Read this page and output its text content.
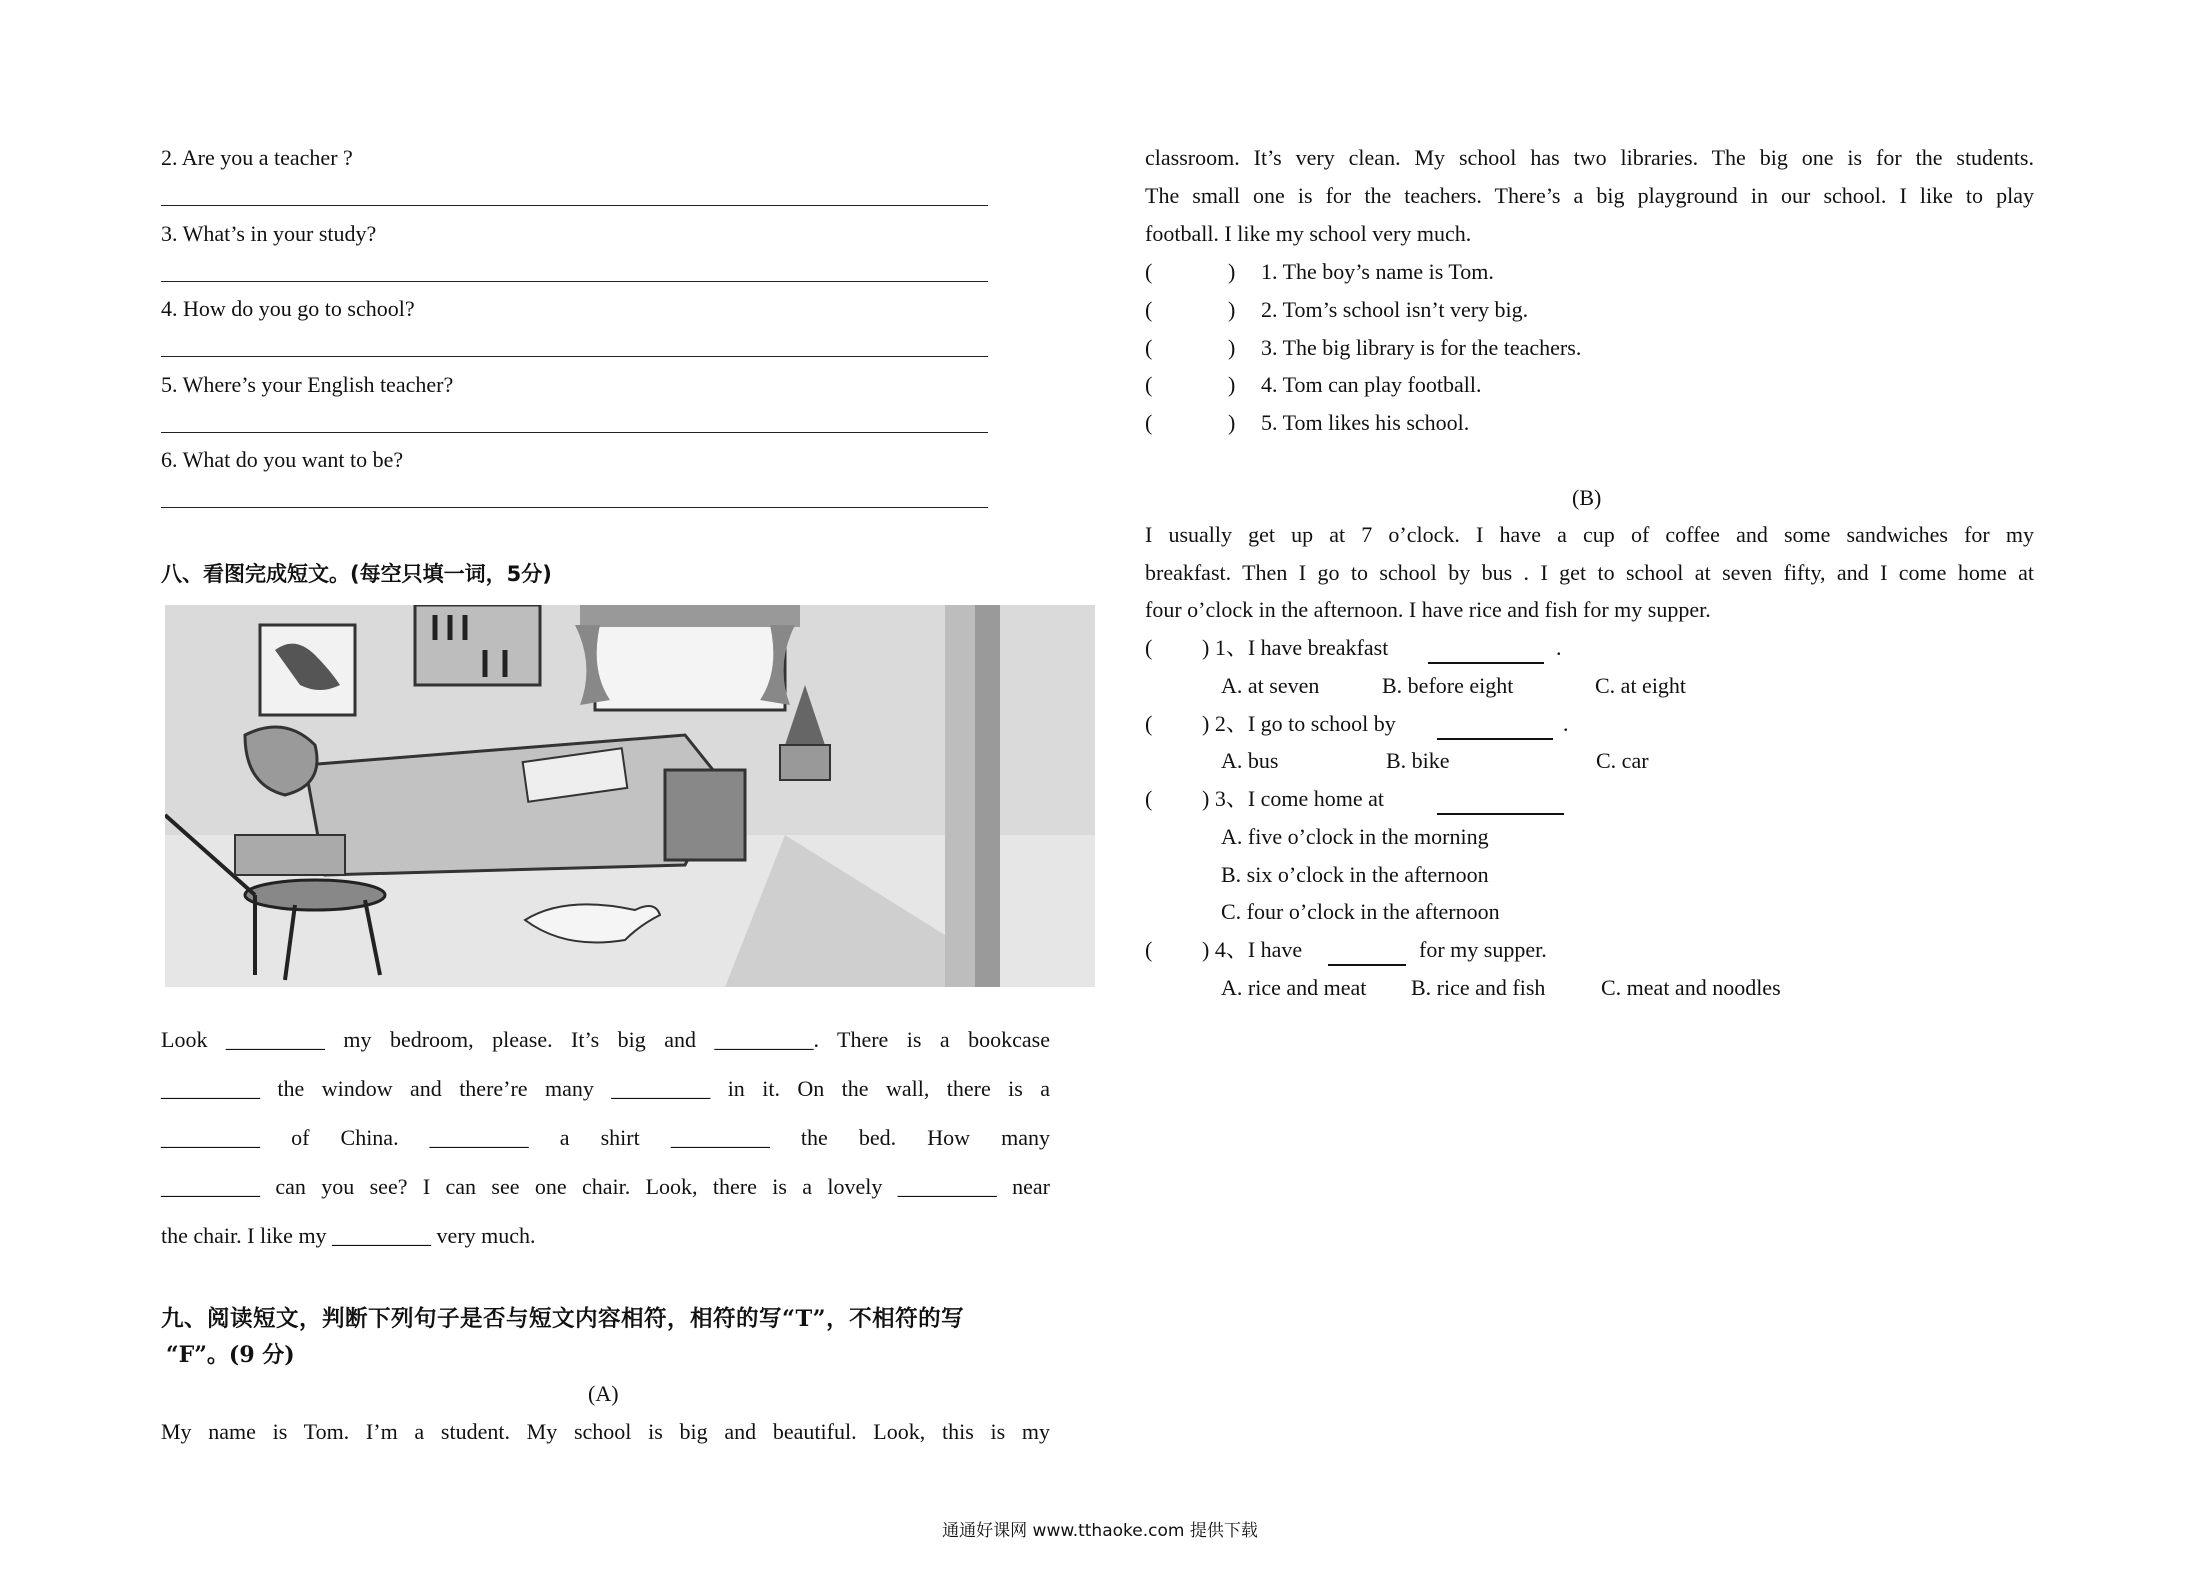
2. Are you a teacher ?
3. What’s in your study?
4. How do you go to school?
5. Where’s your English teacher?
6. What do you want to be?
八、看图完成短文。(每空只填一词，5分)
Look _________ my bedroom, please. It’s big and _________. There is a bookcase
_________ the window and there’re many _________ in it. On the wall, there is a
_________ of China. _________ a shirt _________ the bed. How many
_________ can you see? I can see one chair. Look, there is a lovely _________ near
the chair. I like my _________ very much.
九、阅读短文，判断下列句子是否与短文内容相符，相符的写“T”，不相符的写
“F”。(9 分)
(A)
My name is Tom. I’m a student. My school is big and beautiful. Look, this is my
classroom. It’s very clean. My school has two libraries. The big one is for the students.
The small one is for the teachers. There’s a big playground in our school. I like to play
football. I like my school very much.
(B)
I usually get up at 7 o’clock. I have a cup of coffee and some sandwiches for my
breakfast. Then I go to school by bus . I get to school at seven fifty, and I come home at
four o’clock in the afternoon. I have rice and fish for my supper.
(	) 1. The boy’s name is Tom.
(	) 2. Tom’s school isn’t very big.
(	) 3. The big library is for the teachers.
(	) 4. Tom can play football.
(	) 5. Tom likes his school.
( ) 1、I have breakfast	.
A. at seven	B. before eight	C. at eight
( ) 2、I go to school by	.
A. bus	B. bike	C. car
( ) 3、I come home at
A. five o’clock in the morning
B. six o’clock in the afternoon
C. four o’clock in the afternoon
( ) 4、I have	for my supper.
A. rice and meat B. rice and fish	C. meat and noodles
通通好课网 www.tthaoke.com 提供下载
